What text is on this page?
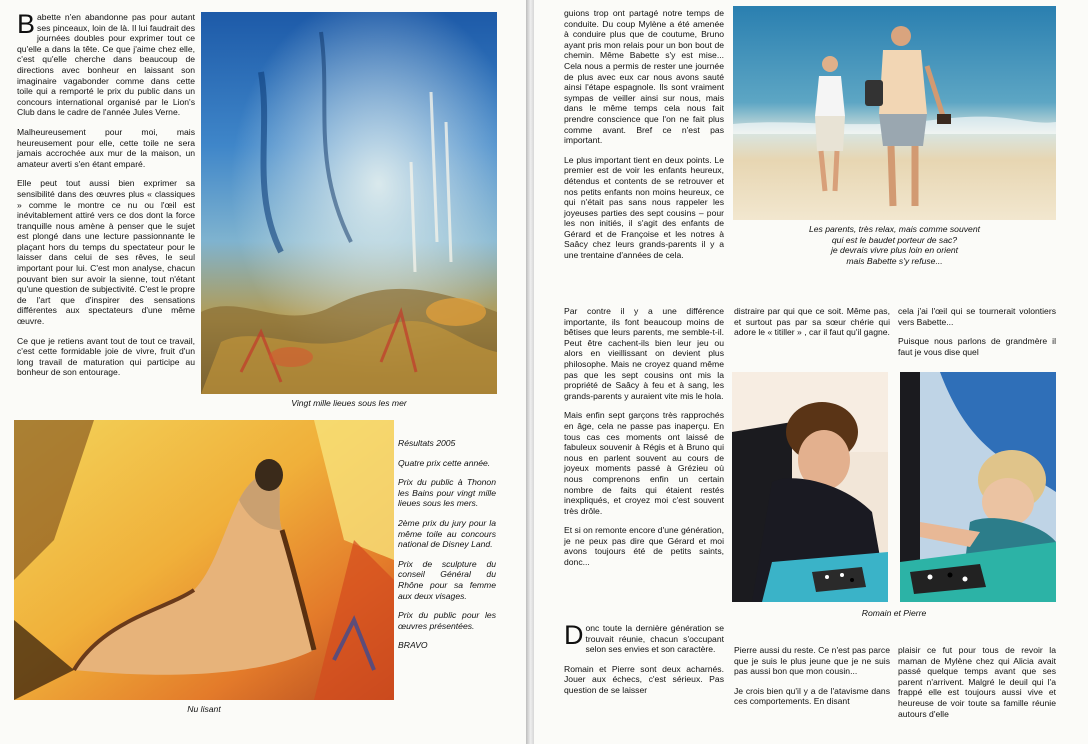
Babette n'en abandonne pas pour autant ses pinceaux, loin de là. Il lui faudrait des journées doubles pour exprimer tout ce qu'elle a dans la tête. Ce que j'aime chez elle, c'est qu'elle cherche dans beaucoup de directions avec bonheur en laissant son imaginaire vagabonder comme dans cette toile qui a remporté le prix du public dans un concours international organisé par le Lion's Club dans le cadre de l'année Jules Verne.

Malheureusement pour moi, mais heureusement pour elle, cette toile ne sera jamais accrochée aux mur de la maison, un amateur averti s'en étant emparé.

Elle peut tout aussi bien exprimer sa sensibilité dans des œuvres plus « classiques » comme le montre ce nu ou l'œil est inévitablement attiré vers ce dos dont la force tranquille nous amène à penser que le sujet est plongé dans une lecture passionnante le plaçant hors du temps du spectateur pour le laisser dans celui de ses rêves, le seul important pour lui. C'est mon analyse, chacun pouvant bien sur avoir la sienne, tout n'étant qu'une question de subjectivité. C'est le propre de l'art que d'inspirer des sensations différentes aux spectateurs d'une même œuvre.

Ce que je retiens avant tout de tout ce travail, c'est cette formidable joie de vivre, fruit d'un long travail de maturation qui participe au bonheur de son entourage.

Vingt mille lieues sous les mer
Nu lisant

Résultats 2005

Quatre prix cette année.

Prix du public à Thonon les Bains pour vingt mille lieues sous les mers.

2ème prix du jury pour la même toile au concours national de Disney Land.

Prix de sculpture du conseil Général du Rhône pour sa femme aux deux visages.

Prix du public pour les œuvres présentées.

BRAVO

guions trop ont partagé notre temps de conduite. Du coup Mylène a été amenée à conduire plus que de coutume, Bruno ayant pris mon relais pour un bon bout de chemin. Même Babette s'y est mise... Cela nous a permis de rester une journée de plus avec eux car nous avons sauté ainsi l'étape espagnole. Ils sont vraiment sympas de veiller ainsi sur nous, mais dans le même temps cela nous fait prendre conscience que l'on ne fait plus comme avant. Bref ce n'est pas important.

Le plus important tient en deux points. Le premier est de voir les enfants heureux, détendus et contents de se retrouver et nos petits enfants non moins heureux, ce qui n'était pas sans nous rappeler les joyeuses parties des sept cousins – pour les non initiés, il s'agit des enfants de Gérard et de Françoise et les notres à Saâcy chez leurs grands-parents il y a une trentaine d'années de cela.

Les parents, très relax, mais comme souvent
qui est le baudet porteur de sac?
je devrais vivre plus loin en orient
mais Babette s'y refuse...

Par contre il y a une différence importante, ils font beaucoup moins de bêtises que leurs parents, me semble-t-il. Peut être cachent-ils bien leur jeu ou alors en vieillissant on devient plus philosophe. Mais ne croyez quand même pas que les sept cousins ont mis la propriété de Saâcy à feu et à sang, les grands-parents y auraient vite mis le hola.

Mais enfin sept garçons très rapprochés en âge, cela ne passe pas inaperçu. En tous cas ces moments ont laissé de fabuleux souvenir à Régis et à Bruno qui nous en parlent souvent au cours de joyeux moments passé à Grézieu où nous comprenons enfin un certain nombre de faits qui étaient restés inexpliqués, et croyez moi c'est souvent très drôle.

Et si on remonte encore d'une génération, je ne peux pas dire que Gérard et moi avons toujours été de petits saints, donc...

distraire par qui que ce soit. Même pas, et surtout pas par sa sœur chérie qui adore le « titiller » , car il faut qu'il gagne.

cela j'ai l'œil qui se tournerait volontiers vers Babette...

Puisque nous parlons de grandmère il faut je vous dise quel

Romain et Pierre

Donc toute la dernière génération se trouvait réunie, chacun s'occupant selon ses envies et son caractère.

Romain et Pierre sont deux acharnés. Jouer aux échecs, c'est sérieux. Pas question de se laisser

Pierre aussi du reste. Ce n'est pas parce que je suis le plus jeune que je ne suis pas aussi bon que mon cousin...

Je crois bien qu'il y a de l'atavisme dans ces comportements. En disant

plaisir ce fut pour tous de revoir la maman de Mylène chez qui Alicia avait passé quelque temps avant que ses parent n'arrivent. Malgré le deuil qui l'a frappé elle est toujours aussi vive et heureuse de voir toute sa famille réunie autours d'elle
